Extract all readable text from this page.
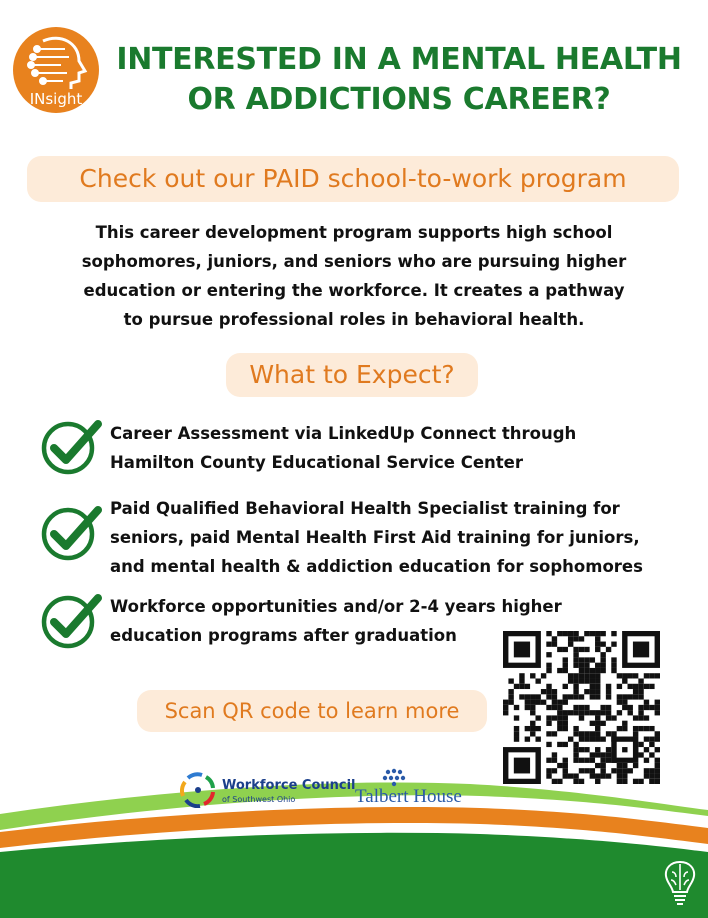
INsight
INTERESTED IN A MENTAL HEALTH
OR ADDICTIONS CAREER?
Check out our PAID school-to-work program
This career development program supports high school
sophomores, juniors, and seniors who are pursuing higher
education or entering the workforce. It creates a pathway
to pursue professional roles in behavioral health.
What to Expect?
Career Assessment via LinkedUp Connect through
Hamilton County Educational Service Center
Paid Qualified Behavioral Health Specialist training for
seniors, paid Mental Health First Aid training for juniors,
and mental health & addiction education for sophomores
Workforce opportunities and/or 2-4 years higher
education programs after graduation
Scan QR code to learn more
Workforce Council
of Southwest Ohio	Talbert House
